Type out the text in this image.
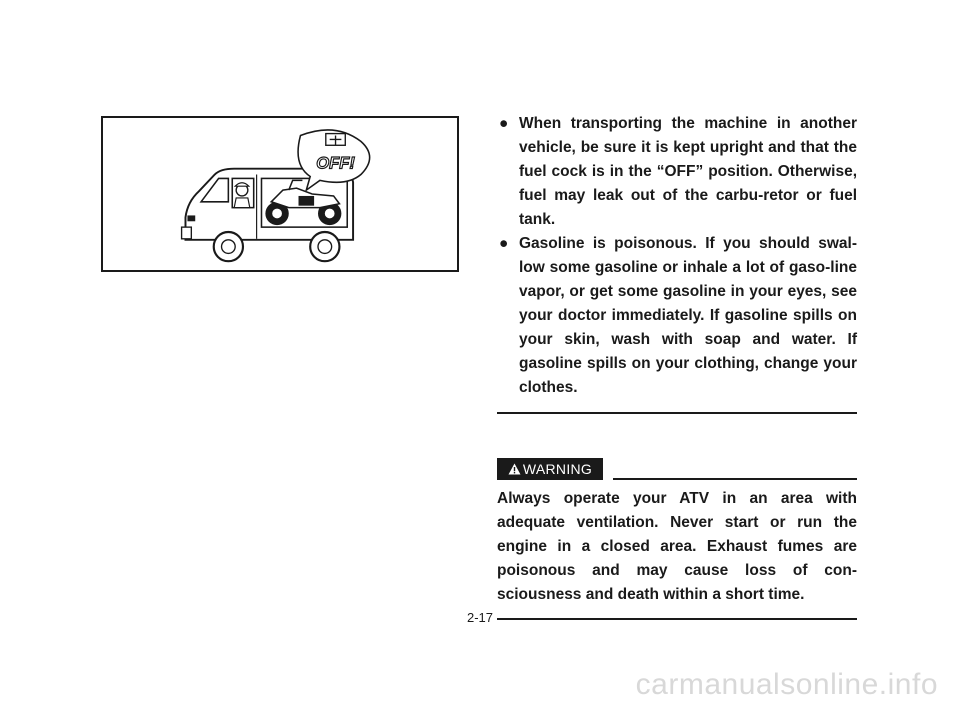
OFF!
● When transporting the machine in another vehicle, be sure it is kept upright and that the fuel cock is in the “OFF” position. Otherwise, fuel may leak out of the carbu-retor or fuel tank.
● Gasoline is poisonous. If you should swal-low some gasoline or inhale a lot of gaso-line vapor, or get some gasoline in your eyes, see your doctor immediately. If gasoline spills on your skin, wash with soap and water. If gasoline spills on your clothing, change your clothes.
WARNING
Always operate your ATV in an area with
adequate ventilation. Never start or run the
engine in a closed area. Exhaust fumes are
poisonous and may cause loss of con-
sciousness and death within a short time.
2-17
carmanualsonline.info
